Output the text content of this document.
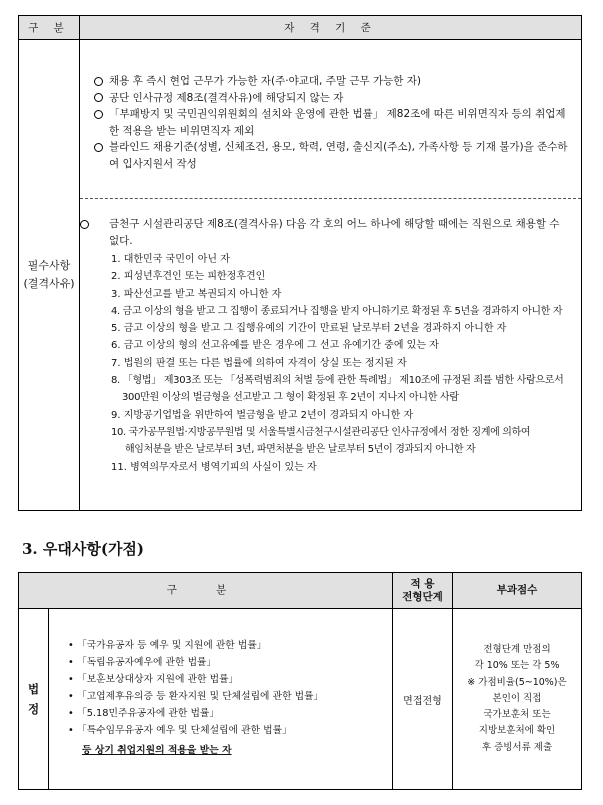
구 분	자 격 기 준
필수사항
(결격사유)
채용 후 즉시 현업 근무가 가능한 자(주·야교대, 주말 근무 가능한 자)
공단 인사규정 제8조(결격사유)에 해당되지 않는 자
「부패방지 및 국민권익위원회의 설치와 운영에 관한 법률」 제82조에 따른 비위면직자 등의 취업제한 적용을 받는 비위면직자 제외
블라인드 채용기준(성별, 신체조건, 용모, 학력, 연령, 출신지(주소), 가족사항 등 기재 불가)을 준수하여 입사지원서 작성
금천구 시설관리공단 제8조(결격사유) 다음 각 호의 어느 하나에 해당할 때에는 직원으로 채용할 수 없다.
1. 대한민국 국민이 아닌 자
2. 피성년후견인 또는 피한정후견인
3. 파산선고를 받고 복권되지 아니한 자
4. 금고 이상의 형을 받고 그 집행이 종료되거나 집행을 받지 아니하기로 확정된 후 5년을 경과하지 아니한 자
5. 금고 이상의 형을 받고 그 집행유예의 기간이 만료된 날로부터 2년을 경과하지 아니한 자
6. 금고 이상의 형의 선고유예를 받은 경우에 그 선고 유예기간 중에 있는 자
7. 법원의 판결 또는 다른 법률에 의하여 자격이 상실 또는 정지된 자
8. 「형법」 제303조 또는 「성폭력범죄의 처벌 등에 관한 특례법」 제10조에 규정된 죄를 범한 사람으로서
300만원 이상의 벌금형을 선고받고 그 형이 확정된 후 2년이 지나지 아니한 사람
9. 지방공기업법을 위반하여 벌금형을 받고 2년이 경과되지 아니한 자
10. 국가공무원법·지방공무원법 및 서울특별시금천구시설관리공단 인사규정에서 정한 징계에 의하여
해임처분을 받은 날로부터 3년, 파면처분을 받은 날로부터 5년이 경과되지 아니한 자
11. 병역의무자로서 병역기피의 사실이 있는 자
3. 우대사항(가점)
구 분
적 용
전형단계
부과점수
법
정
• 「국가유공자 등 예우 및 지원에 관한 법률」
• 「독립유공자예우에 관한 법률」
• 「보훈보상대상자 지원에 관한 법률」
• 「고엽제후유의증 등 환자지원 및 단체설립에 관한 법률」
• 「5.18민주유공자에 관한 법률」
• 「특수임무유공자 예우 및 단체설립에 관한 법률」
등 상기 취업지원의 적용을 받는 자
면접전형
전형단계 만점의
각 10% 또는 각 5%
※ 가점비율(5~10%)은
본인이 직접
국가보훈처 또는
지방보훈처에 확인
후 증빙서류 제출
